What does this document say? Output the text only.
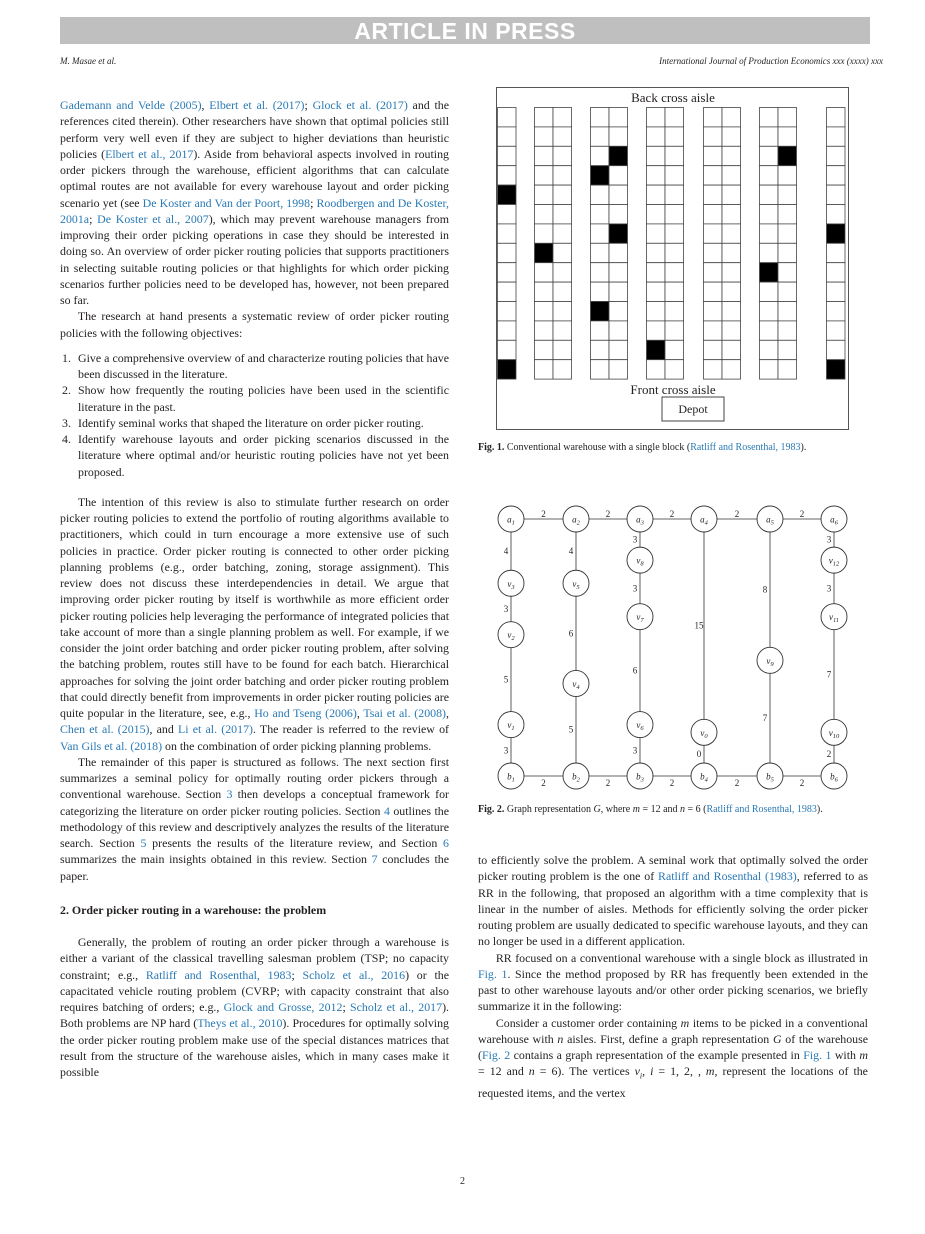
ARTICLE IN PRESS
M. Masae et al.	International Journal of Production Economics xxx (xxxx) xxx

Gademann and Velde (2005), Elbert et al. (2017); Glock et al. (2017) and the references cited therein). Other researchers have shown that optimal policies still perform very well even if they are subject to higher deviations than heuristic policies (Elbert et al., 2017). Aside from behavioral aspects involved in routing order pickers through the warehouse, efficient algorithms that can calculate optimal routes are not available for every warehouse layout and order picking scenario yet (see De Koster and Van der Poort, 1998; Roodbergen and De Koster, 2001a; De Koster et al., 2007), which may prevent warehouse managers from improving their order picking operations in case they should be interested in doing so. An overview of order picker routing policies that supports practitioners in selecting suitable routing policies or that highlights for which order picking scenarios further policies need to be developed has, however, not been prepared so far.

The research at hand presents a systematic review of order picker routing policies with the following objectives:

1. Give a comprehensive overview of and characterize routing policies that have been discussed in the literature.
2. Show how frequently the routing policies have been used in the scientific literature in the past.
3. Identify seminal works that shaped the literature on order picker routing.
4. Identify warehouse layouts and order picking scenarios discussed in the literature where optimal and/or heuristic routing policies have not yet been proposed.

The intention of this review is also to stimulate further research on order picker routing policies to extend the portfolio of routing algorithms available to practitioners, which could in turn encourage a more extensive use of such policies in practice. Order picker routing is connected to other order picking planning problems (e.g., order batching, zoning, storage assignment). This review does not discuss these interdependencies in detail. We argue that improving order picker routing by itself is worthwhile as more efficient order picker routing policies help leveraging the performance of integrated policies that take account of more than a single planning problem as well. For example, if we consider the joint order batching and order picker routing problem, after solving the batching problem, routes still have to be found for each batch. Hierarchical approaches for solving the joint order batching and order picker routing problem that could directly benefit from improvements in order picker routing policies are quite popular in the literature, see, e.g., Ho and Tseng (2006), Tsai et al. (2008), Chen et al. (2015), and Li et al. (2017). The reader is referred to the review of Van Gils et al. (2018) on the combination of order picking planning problems.

The remainder of this paper is structured as follows. The next section first summarizes a seminal policy for optimally routing order pickers through a conventional warehouse. Section 3 then develops a conceptual framework for categorizing the literature on order picker routing policies. Section 4 outlines the methodology of this review and descriptively analyzes the results of the literature search. Section 5 presents the results of the literature review, and Section 6 summarizes the main insights obtained in this review. Section 7 concludes the paper.

2. Order picker routing in a warehouse: the problem

Generally, the problem of routing an order picker through a warehouse is either a variant of the classical travelling salesman problem (TSP; no capacity constraint; e.g., Ratliff and Rosenthal, 1983; Scholz et al., 2016) or the capacitated vehicle routing problem (CVRP; with capacity constraint that also requires batching of orders; e.g., Glock and Grosse, 2012; Scholz et al., 2017). Both problems are NP hard (Theys et al., 2010). Procedures for optimally solving the order picker routing problem make use of the special distances matrices that result from the structure of the warehouse aisles, which in many cases make it possible

Back cross aisle
Front cross aisle
Depot
Fig. 1. Conventional warehouse with a single block (Ratliff and Rosenthal, 1983).
2
2
2
2
2
2
2
2
2
2
4
3
5
3
$v_3$
$v_2$
$v_1$
4
6
5
$v_5$
$v_4$
3
3
6
3
$v_8$
$v_7$
$v_6$
15
0
$v_0$
8
7
$v_9$
3
3
7
2
$v_{12}$
$v_{11}$
$v_{10}$
$a_1$
$b_1$
$a_2$
$b_2$
$a_3$
$b_3$
$a_4$
$b_4$
$a_5$
$b_5$
$a_6$
$b_6$
Fig. 2. Graph representation G, where m = 12 and n = 6 (Ratliff and Rosenthal, 1983).

to efficiently solve the problem. A seminal work that optimally solved the order picker routing problem is the one of Ratliff and Rosenthal (1983), referred to as RR in the following, that proposed an algorithm with a time complexity that is linear in the number of aisles. Methods for efficiently solving the order picker routing problem are usually dedicated to specific warehouse layouts, and they can no longer be used in a different application.

RR focused on a conventional warehouse with a single block as illustrated in Fig. 1. Since the method proposed by RR has frequently been extended in the past to other warehouse layouts and/or other order picking scenarios, we briefly summarize it in the following:

Consider a customer order containing m items to be picked in a conventional warehouse with n aisles. First, define a graph representation G of the warehouse (Fig. 2 contains a graph representation of the example presented in Fig. 1 with m = 12 and n = 6). The vertices $v_i$, i = 1, 2, , m, represent the locations of the requested items, and the vertex

2
